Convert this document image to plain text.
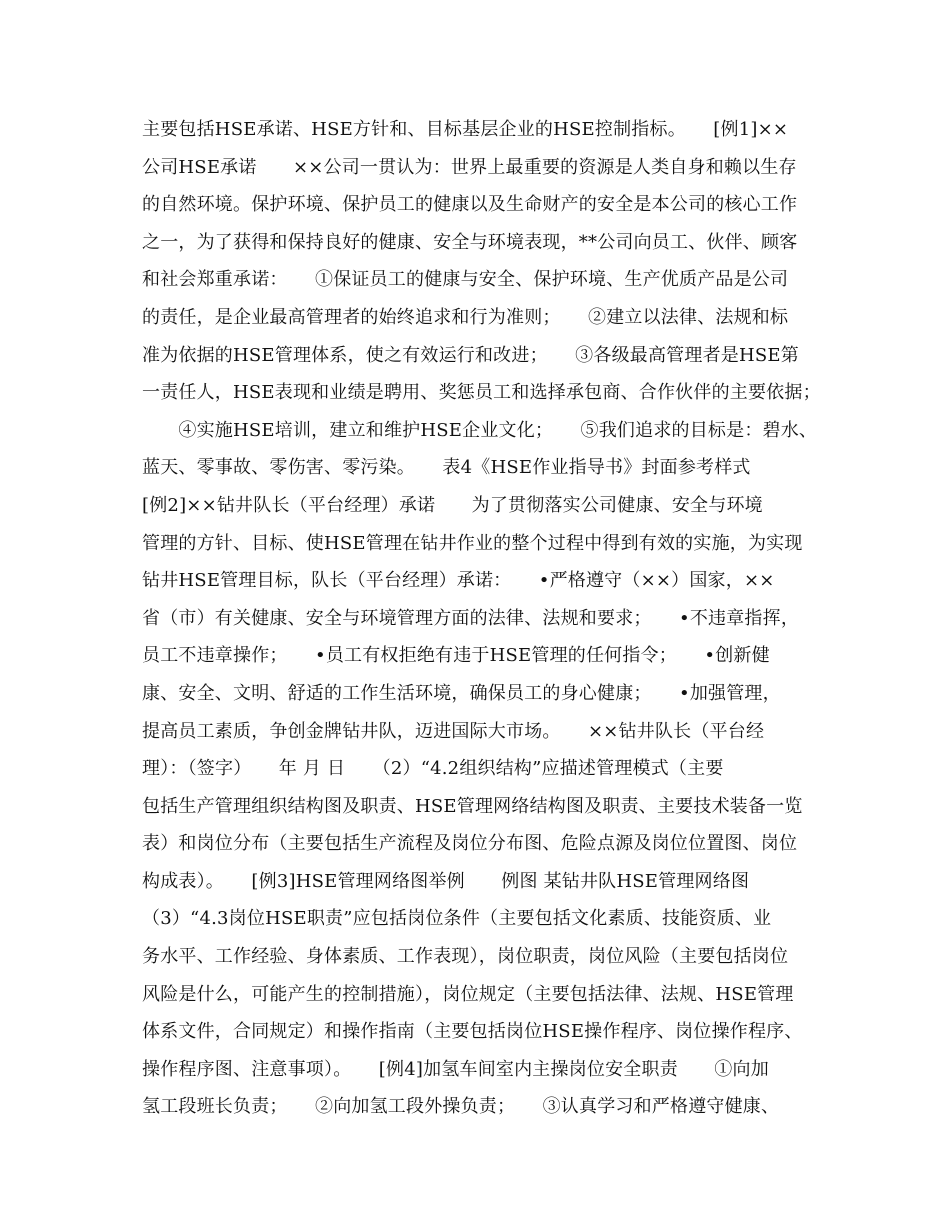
主要包括HSE承诺、HSE方针和、目标基层企业的HSE控制指标。　　[例1]××
公司HSE承诺　　××公司一贯认为：世界上最重要的资源是人类自身和赖以生存
的自然环境。保护环境、保护员工的健康以及生命财产的安全是本公司的核心工作
之一，为了获得和保持良好的健康、安全与环境表现，**公司向员工、伙伴、顾客
和社会郑重承诺：　　①保证员工的健康与安全、保护环境、生产优质产品是公司
的责任，是企业最高管理者的始终追求和行为准则；　　②建立以法律、法规和标
准为依据的HSE管理体系，使之有效运行和改进；　　③各级最高管理者是HSE第
一责任人，HSE表现和业绩是聘用、奖惩员工和选择承包商、合作伙伴的主要依据；
　　④实施HSE培训，建立和维护HSE企业文化；　　⑤我们追求的目标是：碧水、
蓝天、零事故、零伤害、零污染。　　表4《HSE作业指导书》封面参考样式
[例2]××钻井队长（平台经理）承诺　　为了贯彻落实公司健康、安全与环境
管理的方针、目标、使HSE管理在钻井作业的整个过程中得到有效的实施，为实现
钻井HSE管理目标，队长（平台经理）承诺：　　•严格遵守（××）国家，××
省（市）有关健康、安全与环境管理方面的法律、法规和要求；　　•不违章指挥，
员工不违章操作；　　•员工有权拒绝有违于HSE管理的任何指令；　　•创新健
康、安全、文明、舒适的工作生活环境，确保员工的身心健康；　　•加强管理，
提高员工素质，争创金牌钻井队，迈进国际大市场。　　××钻井队长（平台经
理）：（签字）　　年 月 日　　（2）“4.2组织结构”应描述管理模式（主要
包括生产管理组织结构图及职责、HSE管理网络结构图及职责、主要技术装备一览
表）和岗位分布（主要包括生产流程及岗位分布图、危险点源及岗位位置图、岗位
构成表）。　　[例3]HSE管理网络图举例　　例图 某钻井队HSE管理网络图
（3）“4.3岗位HSE职责”应包括岗位条件（主要包括文化素质、技能资质、业
务水平、工作经验、身体素质、工作表现），岗位职责，岗位风险（主要包括岗位
风险是什么，可能产生的控制措施），岗位规定（主要包括法律、法规、HSE管理
体系文件，合同规定）和操作指南（主要包括岗位HSE操作程序、岗位操作程序、
操作程序图、注意事项）。　　[例4]加氢车间室内主操岗位安全职责　　①向加
氢工段班长负责；　　②向加氢工段外操负责；　　③认真学习和严格遵守健康、
